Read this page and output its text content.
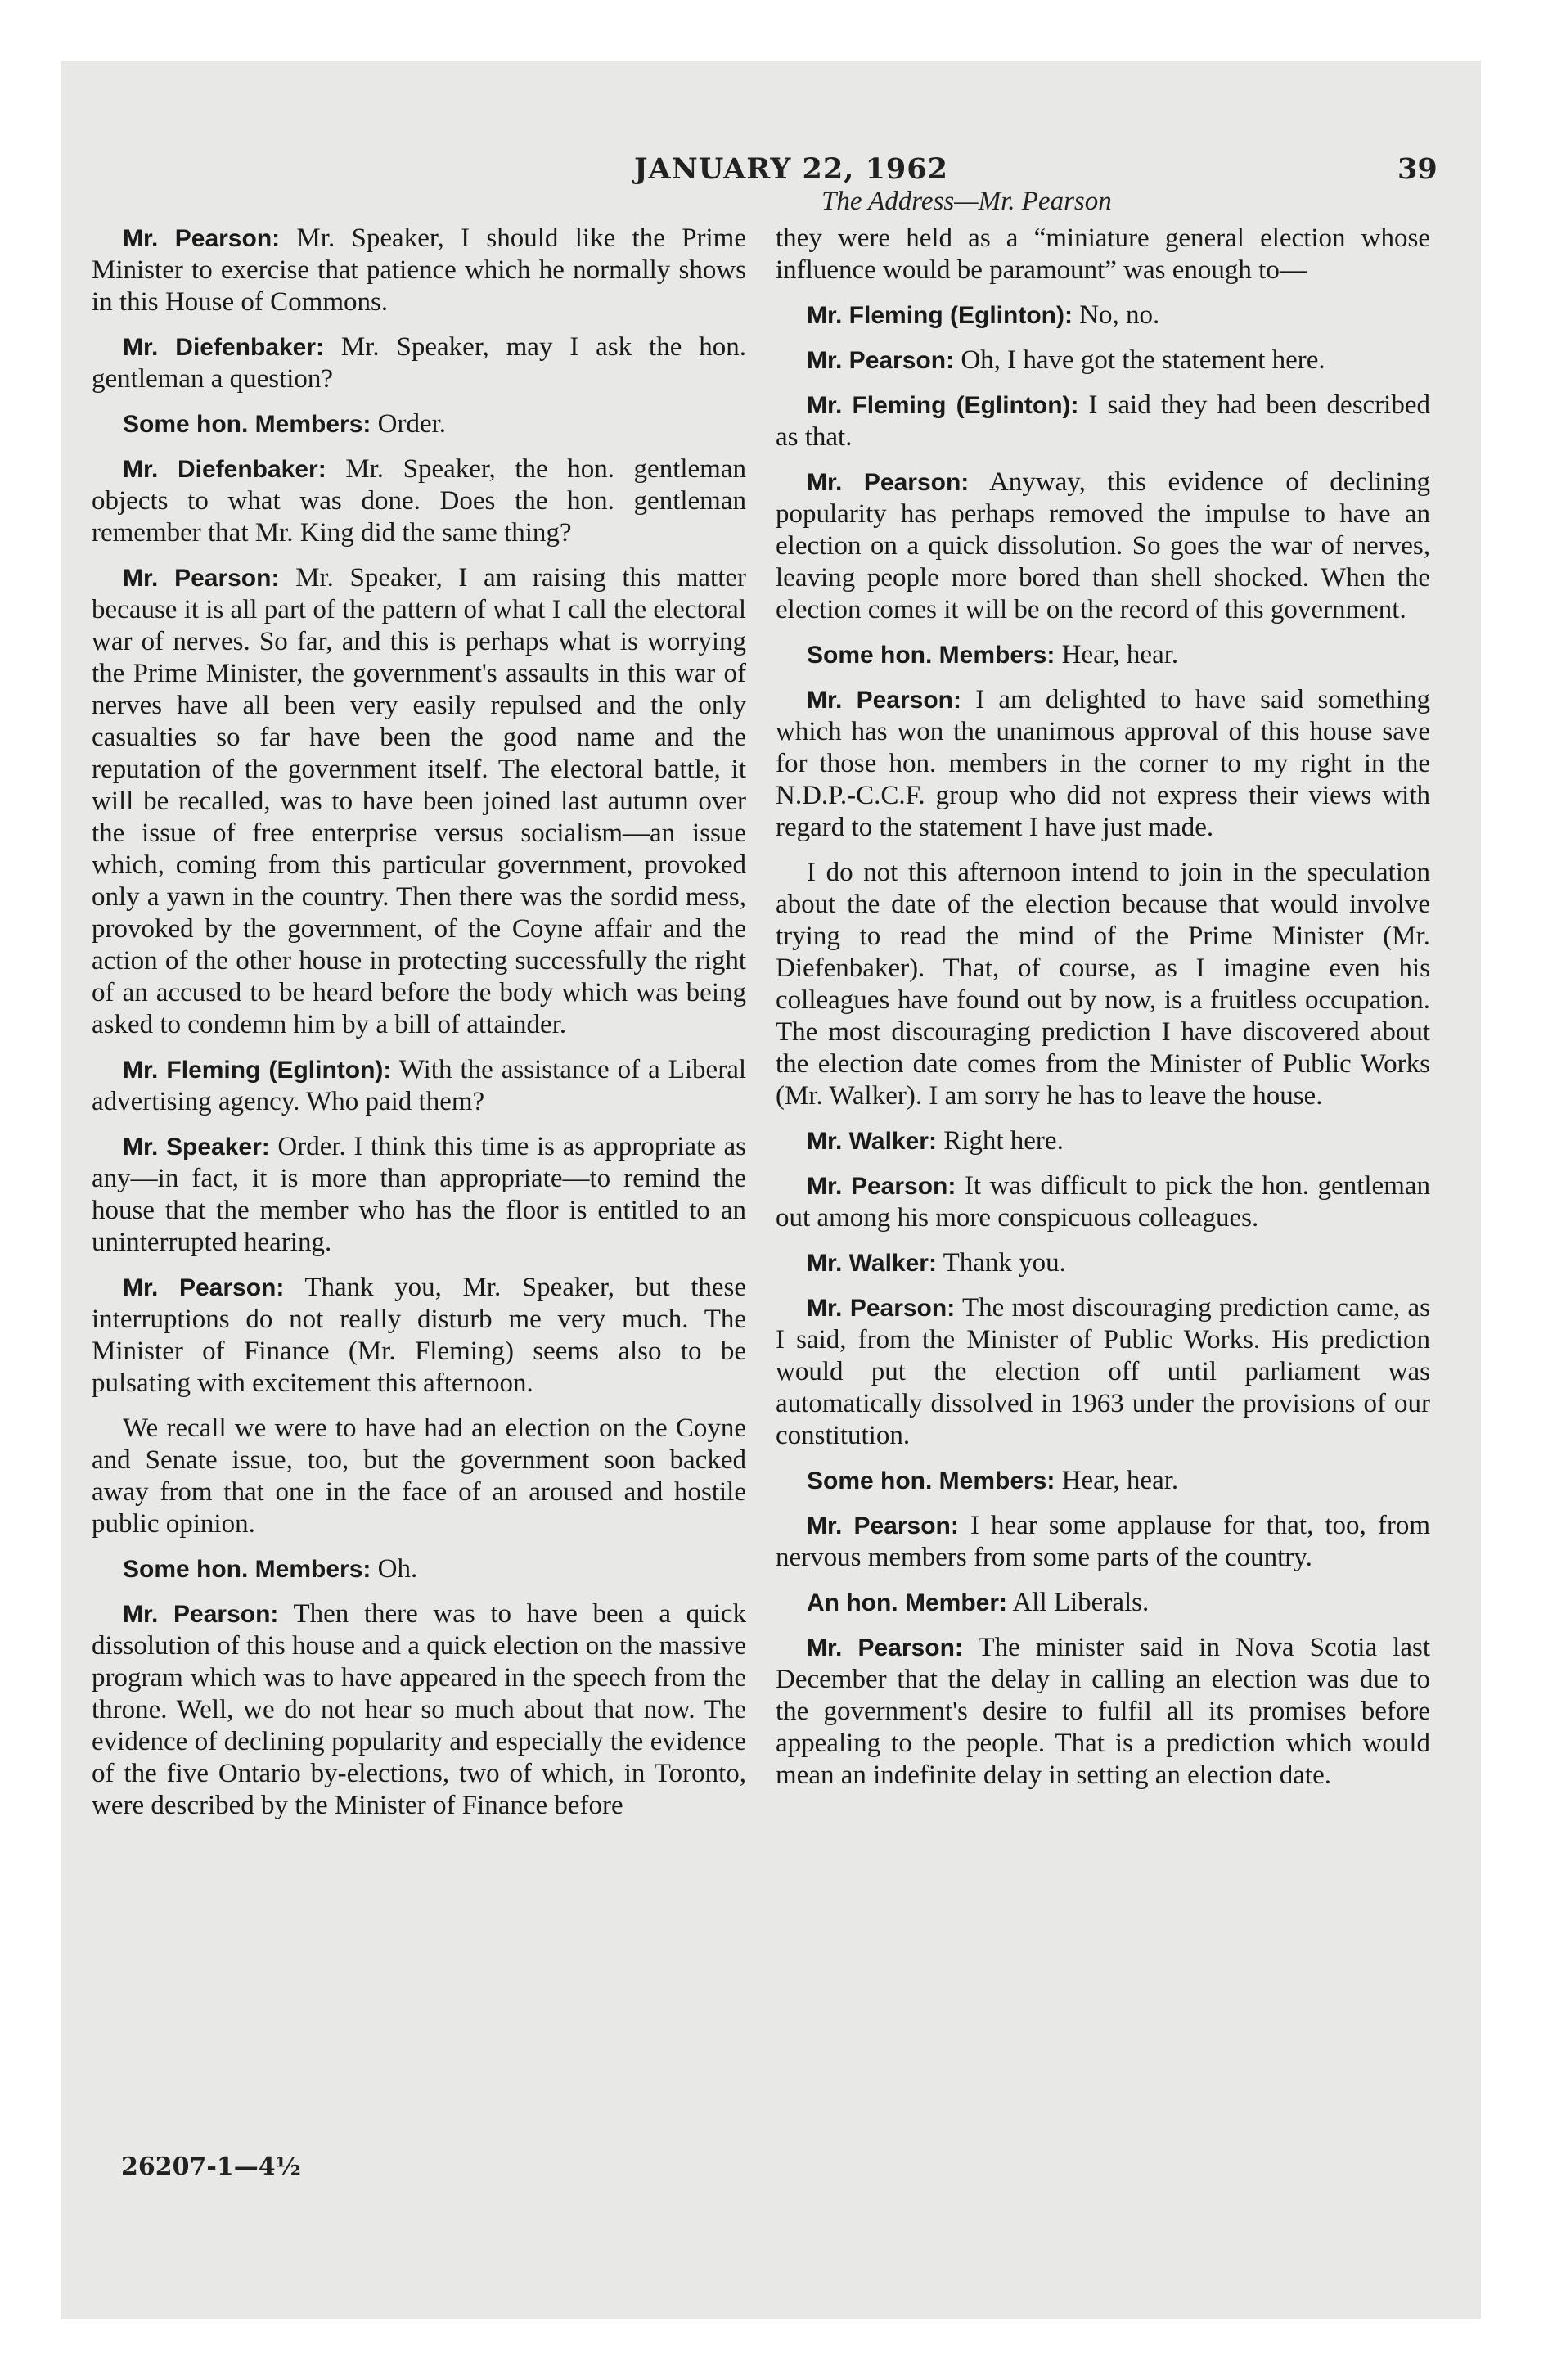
JANUARY 22, 1962	39
The Address—Mr. Pearson

Mr. Pearson: Mr. Speaker, I should like the Prime Minister to exercise that patience which he normally shows in this House of Commons.

Mr. Diefenbaker: Mr. Speaker, may I ask the hon. gentleman a question?

Some hon. Members: Order.

Mr. Diefenbaker: Mr. Speaker, the hon. gentleman objects to what was done. Does the hon. gentleman remember that Mr. King did the same thing?

Mr. Pearson: Mr. Speaker, I am raising this matter because it is all part of the pattern of what I call the electoral war of nerves. So far, and this is perhaps what is worrying the Prime Minister, the government's assaults in this war of nerves have all been very easily repulsed and the only casualties so far have been the good name and the reputation of the government itself. The electoral battle, it will be recalled, was to have been joined last autumn over the issue of free enterprise versus socialism—an issue which, coming from this particular government, provoked only a yawn in the country. Then there was the sordid mess, provoked by the government, of the Coyne affair and the action of the other house in protecting successfully the right of an accused to be heard before the body which was being asked to condemn him by a bill of attainder.

Mr. Fleming (Eglinton): With the assistance of a Liberal advertising agency. Who paid them?

Mr. Speaker: Order. I think this time is as appropriate as any—in fact, it is more than appropriate—to remind the house that the member who has the floor is entitled to an uninterrupted hearing.

Mr. Pearson: Thank you, Mr. Speaker, but these interruptions do not really disturb me very much. The Minister of Finance (Mr. Fleming) seems also to be pulsating with excitement this afternoon.

We recall we were to have had an election on the Coyne and Senate issue, too, but the government soon backed away from that one in the face of an aroused and hostile public opinion.

Some hon. Members: Oh.

Mr. Pearson: Then there was to have been a quick dissolution of this house and a quick election on the massive program which was to have appeared in the speech from the throne. Well, we do not hear so much about that now. The evidence of declining popularity and especially the evidence of the five Ontario by-elections, two of which, in Toronto, were described by the Minister of Finance before

they were held as a “miniature general election whose influence would be paramount” was enough to—

Mr. Fleming (Eglinton): No, no.

Mr. Pearson: Oh, I have got the statement here.

Mr. Fleming (Eglinton): I said they had been described as that.

Mr. Pearson: Anyway, this evidence of declining popularity has perhaps removed the impulse to have an election on a quick dissolution. So goes the war of nerves, leaving people more bored than shell shocked. When the election comes it will be on the record of this government.

Some hon. Members: Hear, hear.

Mr. Pearson: I am delighted to have said something which has won the unanimous approval of this house save for those hon. members in the corner to my right in the N.D.P.-C.C.F. group who did not express their views with regard to the statement I have just made.

I do not this afternoon intend to join in the speculation about the date of the election because that would involve trying to read the mind of the Prime Minister (Mr. Diefenbaker). That, of course, as I imagine even his colleagues have found out by now, is a fruitless occupation. The most discouraging prediction I have discovered about the election date comes from the Minister of Public Works (Mr. Walker). I am sorry he has to leave the house.

Mr. Walker: Right here.

Mr. Pearson: It was difficult to pick the hon. gentleman out among his more conspicuous colleagues.

Mr. Walker: Thank you.

Mr. Pearson: The most discouraging prediction came, as I said, from the Minister of Public Works. His prediction would put the election off until parliament was automatically dissolved in 1963 under the provisions of our constitution.

Some hon. Members: Hear, hear.

Mr. Pearson: I hear some applause for that, too, from nervous members from some parts of the country.

An hon. Member: All Liberals.

Mr. Pearson: The minister said in Nova Scotia last December that the delay in calling an election was due to the government's desire to fulfil all its promises before appealing to the people. That is a prediction which would mean an indefinite delay in setting an election date.

26207-1—4½
